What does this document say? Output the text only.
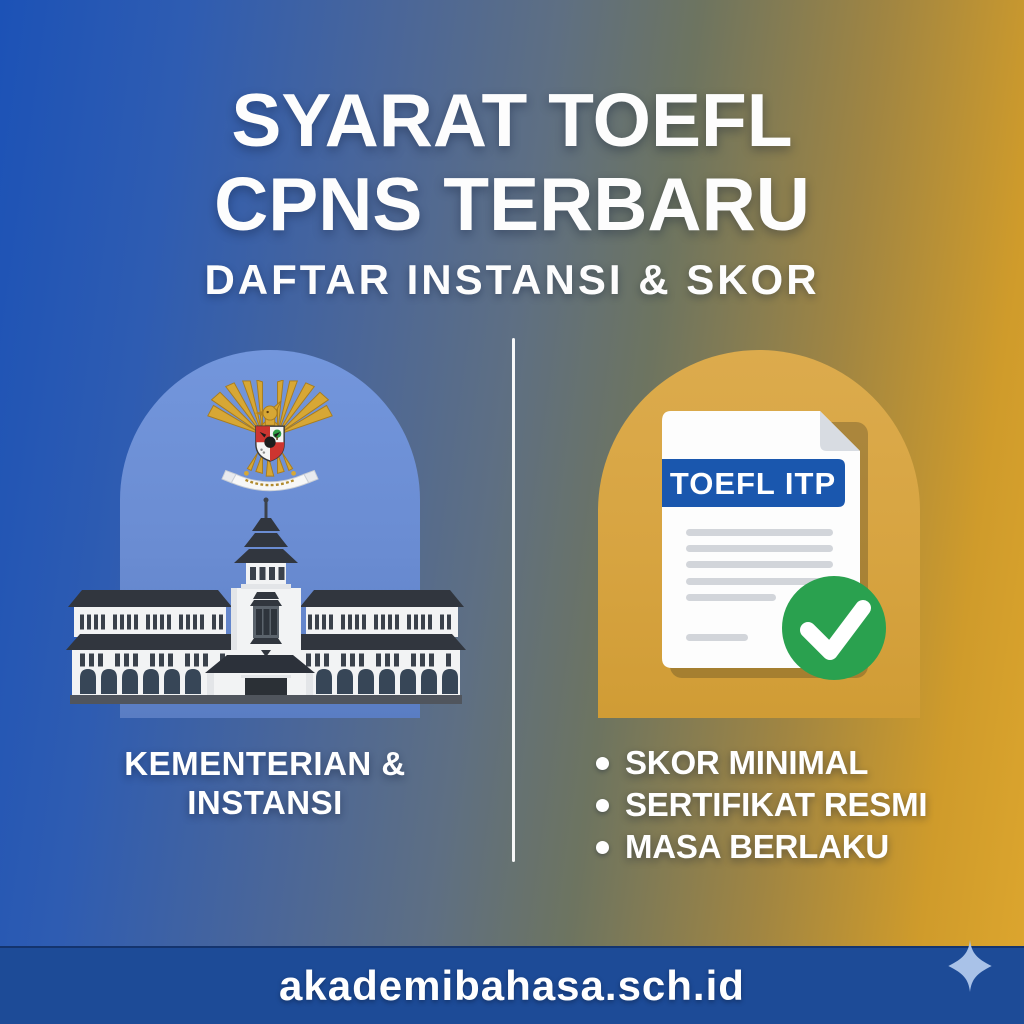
SYARAT TOEFL
CPNS TERBARU
DAFTAR INSTANSI & SKOR
TOEFL ITP
KEMENTERIAN &
INSTANSI
SKOR MINIMAL
SERTIFIKAT RESMI
MASA BERLAKU
akademibahasa.sch.id
